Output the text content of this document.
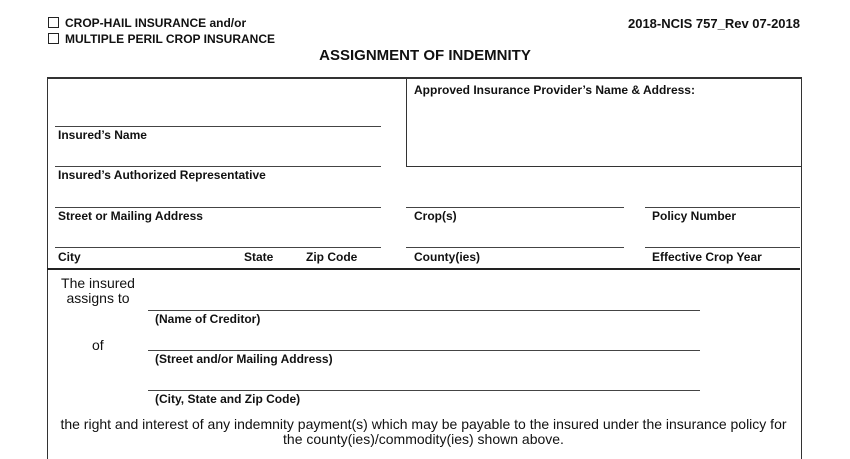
CROP-HAIL INSURANCE and/or
MULTIPLE PERIL CROP INSURANCE
2018-NCIS 757_Rev 07-2018
ASSIGNMENT OF INDEMNITY
Approved Insurance Provider’s Name & Address:
Insured’s Name
Insured’s Authorized Representative
Street or Mailing Address	Crop(s)	Policy Number
City	State	Zip Code	County(ies)	Effective Crop Year
The insured
assigns to
(Name of Creditor)
of
(Street and/or Mailing Address)
(City, State and Zip Code)
the right and interest of any indemnity payment(s) which may be payable to the insured under the insurance policy for
the county(ies)/commodity(ies) shown above.
